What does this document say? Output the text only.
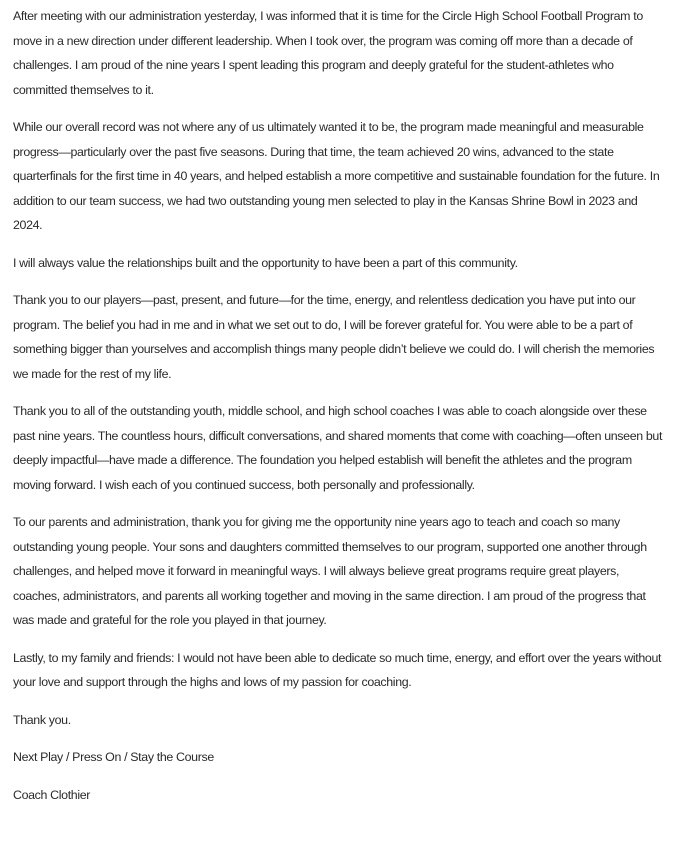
After meeting with our administration yesterday, I was informed that it is time for the Circle High School Football Program to move in a new direction under different leadership. When I took over, the program was coming off more than a decade of challenges. I am proud of the nine years I spent leading this program and deeply grateful for the student-athletes who committed themselves to it.

While our overall record was not where any of us ultimately wanted it to be, the program made meaningful and measurable progress—particularly over the past five seasons. During that time, the team achieved 20 wins, advanced to the state quarterfinals for the first time in 40 years, and helped establish a more competitive and sustainable foundation for the future. In addition to our team success, we had two outstanding young men selected to play in the Kansas Shrine Bowl in 2023 and 2024.

I will always value the relationships built and the opportunity to have been a part of this community.

Thank you to our players—past, present, and future—for the time, energy, and relentless dedication you have put into our program. The belief you had in me and in what we set out to do, I will be forever grateful for. You were able to be a part of something bigger than yourselves and accomplish things many people didn’t believe we could do. I will cherish the memories we made for the rest of my life.

Thank you to all of the outstanding youth, middle school, and high school coaches I was able to coach alongside over these past nine years. The countless hours, difficult conversations, and shared moments that come with coaching—often unseen but deeply impactful—have made a difference. The foundation you helped establish will benefit the athletes and the program moving forward. I wish each of you continued success, both personally and professionally.

To our parents and administration, thank you for giving me the opportunity nine years ago to teach and coach so many outstanding young people. Your sons and daughters committed themselves to our program, supported one another through challenges, and helped move it forward in meaningful ways. I will always believe great programs require great players, coaches, administrators, and parents all working together and moving in the same direction. I am proud of the progress that was made and grateful for the role you played in that journey.

Lastly, to my family and friends: I would not have been able to dedicate so much time, energy, and effort over the years without your love and support through the highs and lows of my passion for coaching.

Thank you.

Next Play / Press On / Stay the Course

Coach Clothier
